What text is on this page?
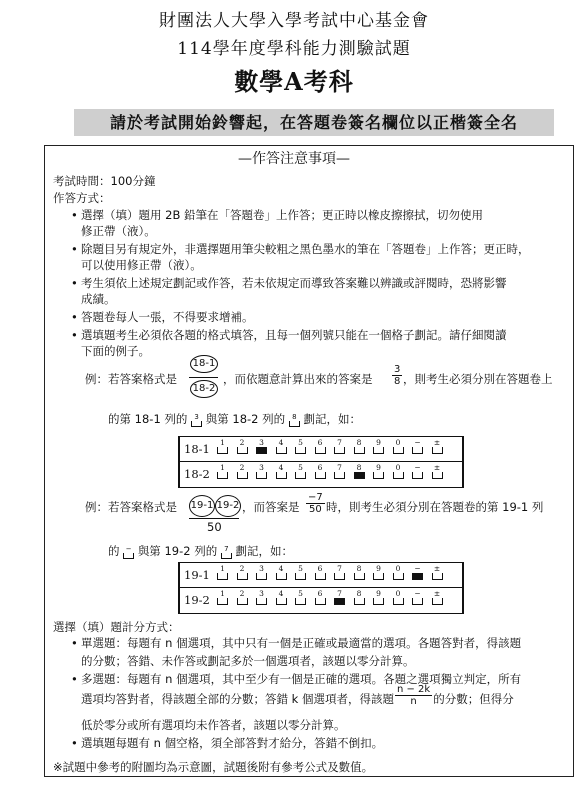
財團法人大學入學考試中心基金會
114學年度學科能力測驗試題
數學A考科
請於考試開始鈴響起，在答題卷簽名欄位以正楷簽全名
—作答注意事項—
考試時間：100分鐘
作答方式：
• 選擇（填）題用 2B 鉛筆在「答題卷」上作答；更正時以橡皮擦擦拭，切勿使用
修正帶（液）。
• 除題目另有規定外，非選擇題用筆尖較粗之黑色墨水的筆在「答題卷」上作答；更正時，
可以使用修正帶（液）。
• 考生須依上述規定劃記或作答，若未依規定而導致答案難以辨識或評閱時，恐將影響
成績。
• 答題卷每人一張，不得要求增補。
• 選填題考生必須依各題的格式填答，且每一個列號只能在一個格子劃記。請仔細閱讀
下面的例子。
例：若答案格式是
18-1
18-2
，而依題意計算出來的答案是 $\frac{3}{8}$ ，則考生必須分別在答題卷上
的第 18-1 列的 3 與第 18-2 列的 8 劃記，如：
18-1	1	2	3	4	5	6	7	8	9	0	−	±
18-2	1	2	3	4	5	6	7	8	9	0	−	±
例：若答案格式是 19-1 19-2
50
，而答案是 $\frac{-7}{50}$ 時，則考生必須分別在答題卷的第 19-1 列
的 − 與第 19-2 列的 7 劃記，如：
19-1	1	2	3	4	5	6	7	8	9	0	−	±
19-2	1	2	3	4	5	6	7	8	9	0	−	±
選擇（填）題計分方式：
• 單選題：每題有 n 個選項，其中只有一個是正確或最適當的選項。各題答對者，得該題
的分數；答錯、未作答或劃記多於一個選項者，該題以零分計算。
• 多選題：每題有 n 個選項，其中至少有一個是正確的選項。各題之選項獨立判定，所有
選項均答對者，得該題全部的分數；答錯 k 個選項者，得該題 $\frac{n - 2k}{n}$ 的分數；但得分
低於零分或所有選項均未作答者，該題以零分計算。
• 選填題每題有 n 個空格，須全部答對才給分，答錯不倒扣。
※試題中參考的附圖均為示意圖，試題後附有參考公式及數值。
